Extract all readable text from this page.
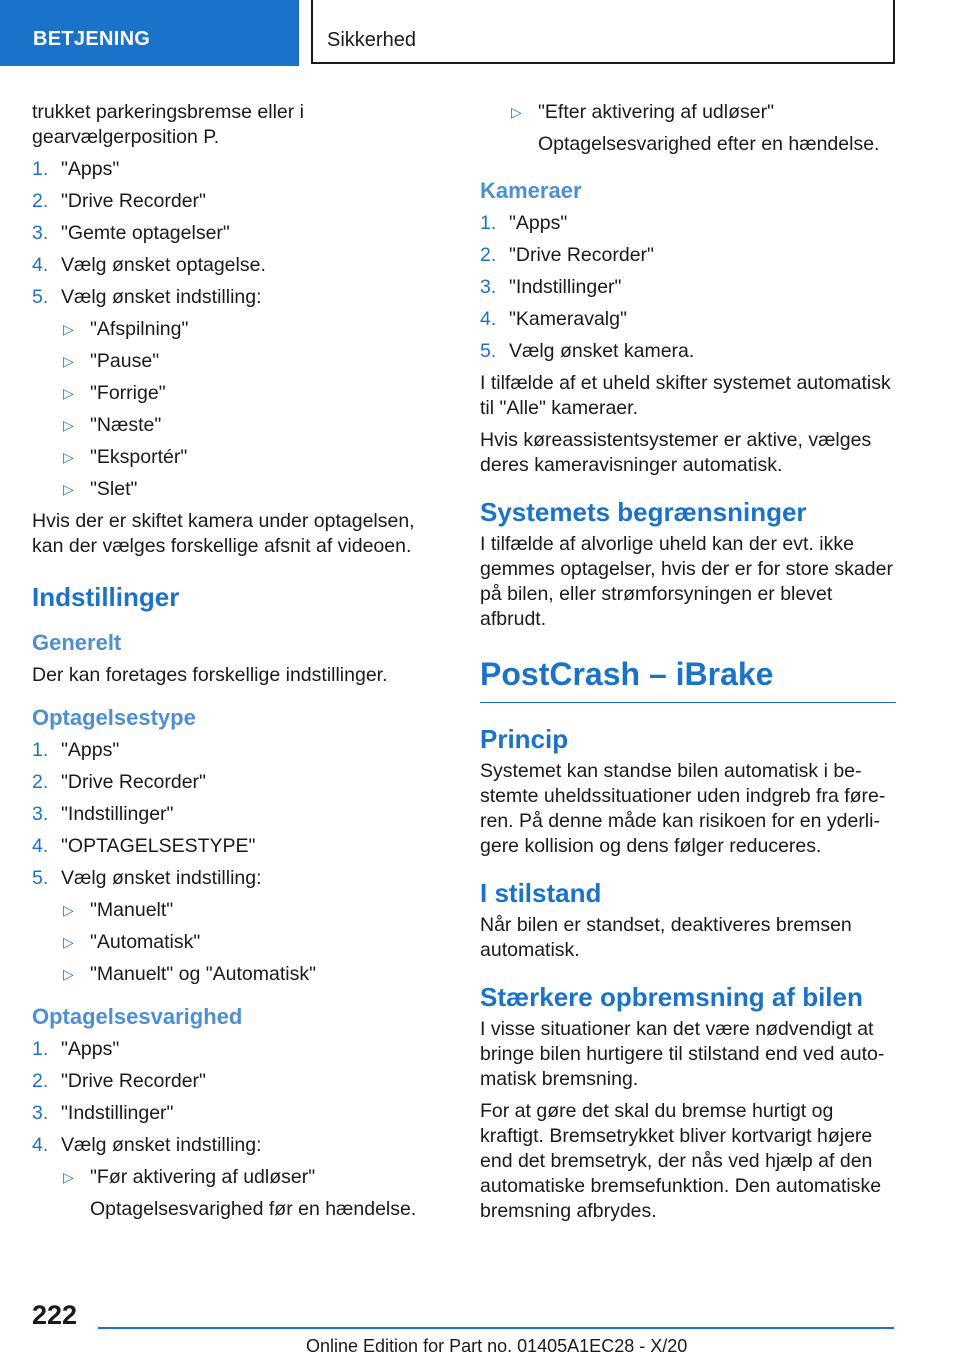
BETJENING	Sikkerhed

trukket parkeringsbremse eller i gearvælgerposition P.

1. "Apps"
2. "Drive Recorder"
3. "Gemte optagelser"
4. Vælg ønsket optagelse.
5. Vælg ønsket indstilling:
▷ "Afspilning"
▷ "Pause"
▷ "Forrige"
▷ "Næste"
▷ "Eksportér"
▷ "Slet"

Hvis der er skiftet kamera under optagelsen, kan der vælges forskellige afsnit af videoen.

Indstillinger
Generelt

Der kan foretages forskellige indstillinger.

Optagelsestype
1. "Apps"
2. "Drive Recorder"
3. "Indstillinger"
4. "OPTAGELSESTYPE"
5. Vælg ønsket indstilling:
▷ "Manuelt"
▷ "Automatisk"
▷ "Manuelt" og "Automatisk"
Optagelsesvarighed
1. "Apps"
2. "Drive Recorder"
3. "Indstillinger"
4. Vælg ønsket indstilling:
▷ "Før aktivering af udløser"
Optagelsesvarighed før en hændelse.
▷ "Efter aktivering af udløser"
Optagelsesvarighed efter en hændelse.
Kameraer
1. "Apps"
2. "Drive Recorder"
3. "Indstillinger"
4. "Kameravalg"
5. Vælg ønsket kamera.

I tilfælde af et uheld skifter systemet automatisk til "Alle" kameraer.

Hvis køreassistentsystemer er aktive, vælges deres kameravisninger automatisk.

Systemets begrænsninger

I tilfælde af alvorlige uheld kan der evt. ikke gemmes optagelser, hvis der er for store skader på bilen, eller strømforsyningen er blevet afbrudt.

PostCrash – iBrake
Princip

Systemet kan standse bilen automatisk i bestemte uheldssituationer uden indgreb fra føreren. På denne måde kan risikoen for en yderligere kollision og dens følger reduceres.

I stilstand

Når bilen er standset, deaktiveres bremsen automatisk.

Stærkere opbremsning af bilen

I visse situationer kan det være nødvendigt at bringe bilen hurtigere til stilstand end ved automatisk bremsning.

For at gøre det skal du bremse hurtigt og kraftigt. Bremsetrykket bliver kortvarigt højere end det bremsetryk, der nås ved hjælp af den automatiske bremsefunktion. Den automatiske bremsning afbrydes.

222
Online Edition for Part no. 01405A1EC28 - X/20
